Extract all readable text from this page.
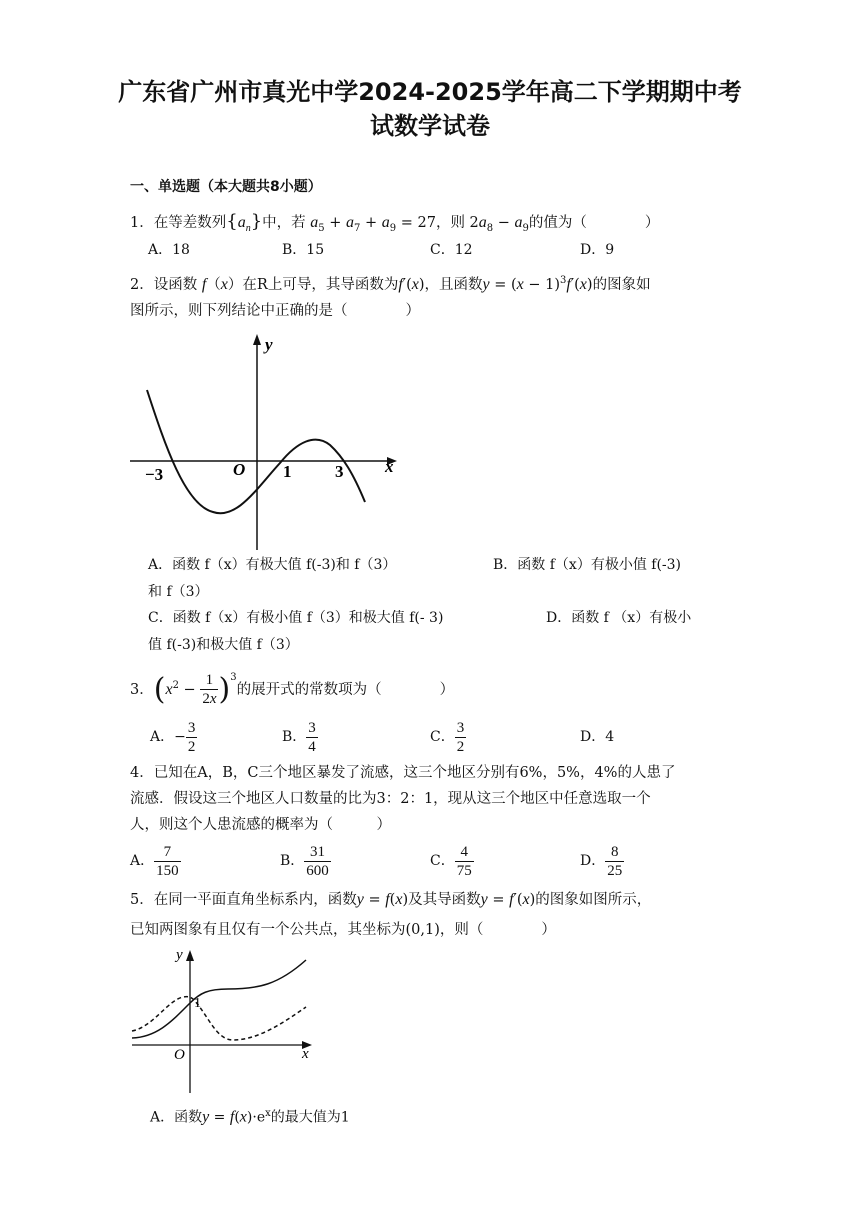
广东省广州市真光中学2024-2025学年高二下学期期中考
试数学试卷
一、单选题（本大题共8小题）
1．在等差数列$\{a_n\}$中，若 $a_5 + a_7 + a_9 = 27$，则 $2a_8 - a_9$的值为（　　　　）
A．18	B．15	C．12	D．9
2．设函数 f（x）在R上可导，其导函数为f′(x)，且函数$y = (x - 1)^3f'(x)$的图象如
图所示，则下列结论中正确的是（　　　　）
y
x
O
−3	1	3
A．函数 f（x）有极大值 f(-3)和 f（3）	B．函数 f（x）有极小值 f(-3)
和 f（3）
C．函数 f（x）有极小值 f（3）和极大值 f(- 3)	D．函数 f （x）有极小
值 f(-3)和极大值 f（3）
3．$(x^2 - \frac{1}{2x} )^3$的展开式的常数项为（　　　　）
A．− $\frac{3}{2}$	B． $\frac{3}{4}$	C． $\frac{3}{2}$	D．4
4．已知在A，B，C三个地区暴发了流感，这三个地区分别有6%，5%，4%的人患了
流感．假设这三个地区人口数量的比为3：2：1，现从这三个地区中任意选取一个
人，则这个人患流感的概率为（　　　）
A． $\frac{7}{150}$	B． $\frac{31}{600}$	C． $\frac{4}{75}$	D． $\frac{8}{25}$
5．在同一平面直角坐标系内，函数y = f(x)及其导函数y = f′(x)的图象如图所示，
已知两图象有且仅有一个公共点，其坐标为(0,1)，则（　　　　）
y
x
O
1
A．函数$y = f(x)\cdot e^x$的最大值为1
